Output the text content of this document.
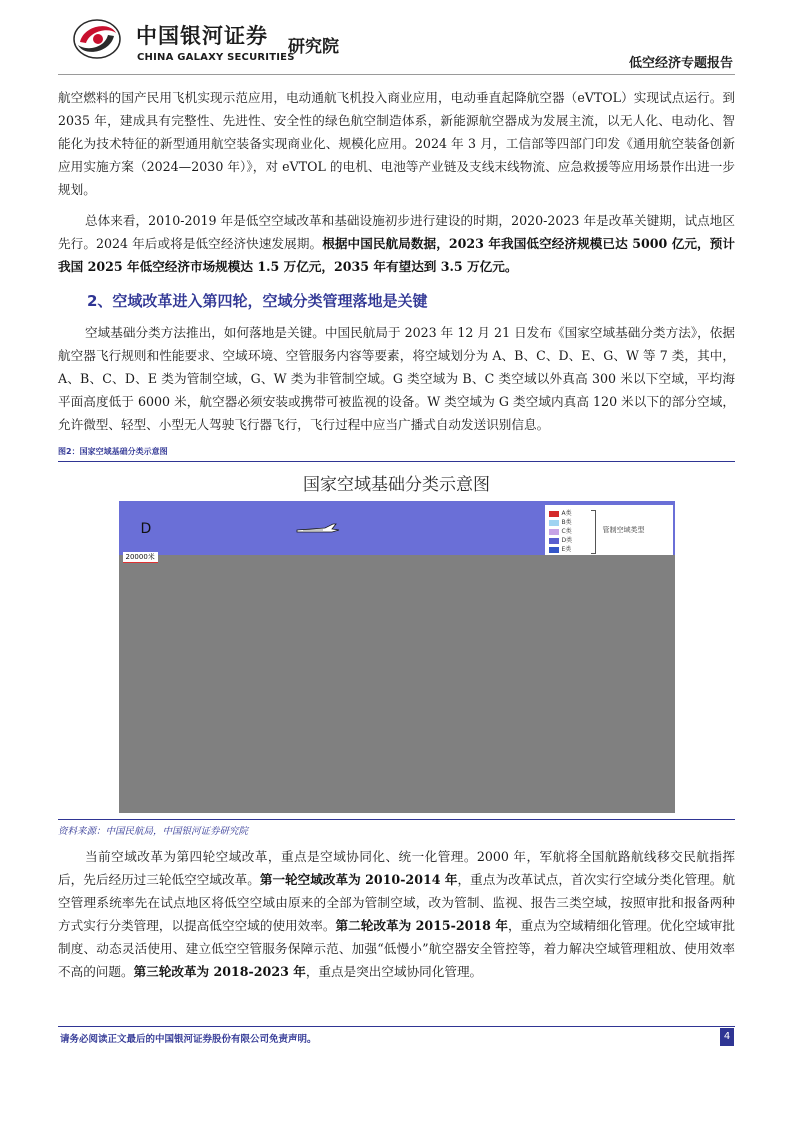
中国银河证券
CHINA GALAXY SECURITIES
研究院
低空经济专题报告

航空燃料的国产民用飞机实现示范应用，电动通航飞机投入商业应用，电动垂直起降航空器（eVTOL）实现试点运行。到 2035 年，建成具有完整性、先进性、安全性的绿色航空制造体系，新能源航空器成为发展主流，以无人化、电动化、智能化为技术特征的新型通用航空装备实现商业化、规模化应用。2024 年 3 月，工信部等四部门印发《通用航空装备创新应用实施方案（2024—2030 年）》，对 eVTOL 的电机、电池等产业链及支线末线物流、应急救援等应用场景作出进一步规划。

总体来看，2010-2019 年是低空空域改革和基础设施初步进行建设的时期，2020-2023 年是改革关键期，试点地区先行。2024 年后或将是低空经济快速发展期。根据中国民航局数据，2023 年我国低空经济规模已达 5000 亿元，预计我国 2025 年低空经济市场规模达 1.5 万亿元，2035 年有望达到 3.5 万亿元。

2、空域改革进入第四轮，空域分类管理落地是关键

空域基础分类方法推出，如何落地是关键。中国民航局于 2023 年 12 月 21 日发布《国家空域基础分类方法》，依据航空器飞行规则和性能要求、空域环境、空管服务内容等要素，将空域划分为 A、B、C、D、E、G、W 等 7 类，其中，A、B、C、D、E 类为管制空域，G、W 类为非管制空域。G 类空域为 B、C 类空域以外真高 300 米以下空域，平均海平面高度低于 6000 米，航空器必须安装或携带可被监视的设备。W 类空域为 G 类空域内真高 120 米以下的部分空域，允许微型、轻型、小型无人驾驶飞行器飞行，飞行过程中应当广播式自动发送识别信息。

图2：国家空域基础分类示意图
国家空域基础分类示意图
D
20000米
A类
B类
C类
D类
E类
管制空域类型
资料来源：中国民航局，中国银河证券研究院

当前空域改革为第四轮空域改革，重点是空域协同化、统一化管理。2000 年，军航将全国航路航线移交民航指挥后，先后经历过三轮低空空域改革。第一轮空域改革为 2010-2014 年，重点为改革试点，首次实行空域分类化管理。航空管理系统率先在试点地区将低空空域由原来的全部为管制空域，改为管制、监视、报告三类空域，按照审批和报备两种方式实行分类管理，以提高低空空域的使用效率。第二轮改革为 2015-2018 年，重点为空域精细化管理。优化空域审批制度、动态灵活使用、建立低空空管服务保障示范、加强“低慢小”航空器安全管控等，着力解决空域管理粗放、使用效率不高的问题。第三轮改革为 2018-2023 年，重点是突出空域协同化管理。

请务必阅读正文最后的中国银河证券股份有限公司免责声明。	4
